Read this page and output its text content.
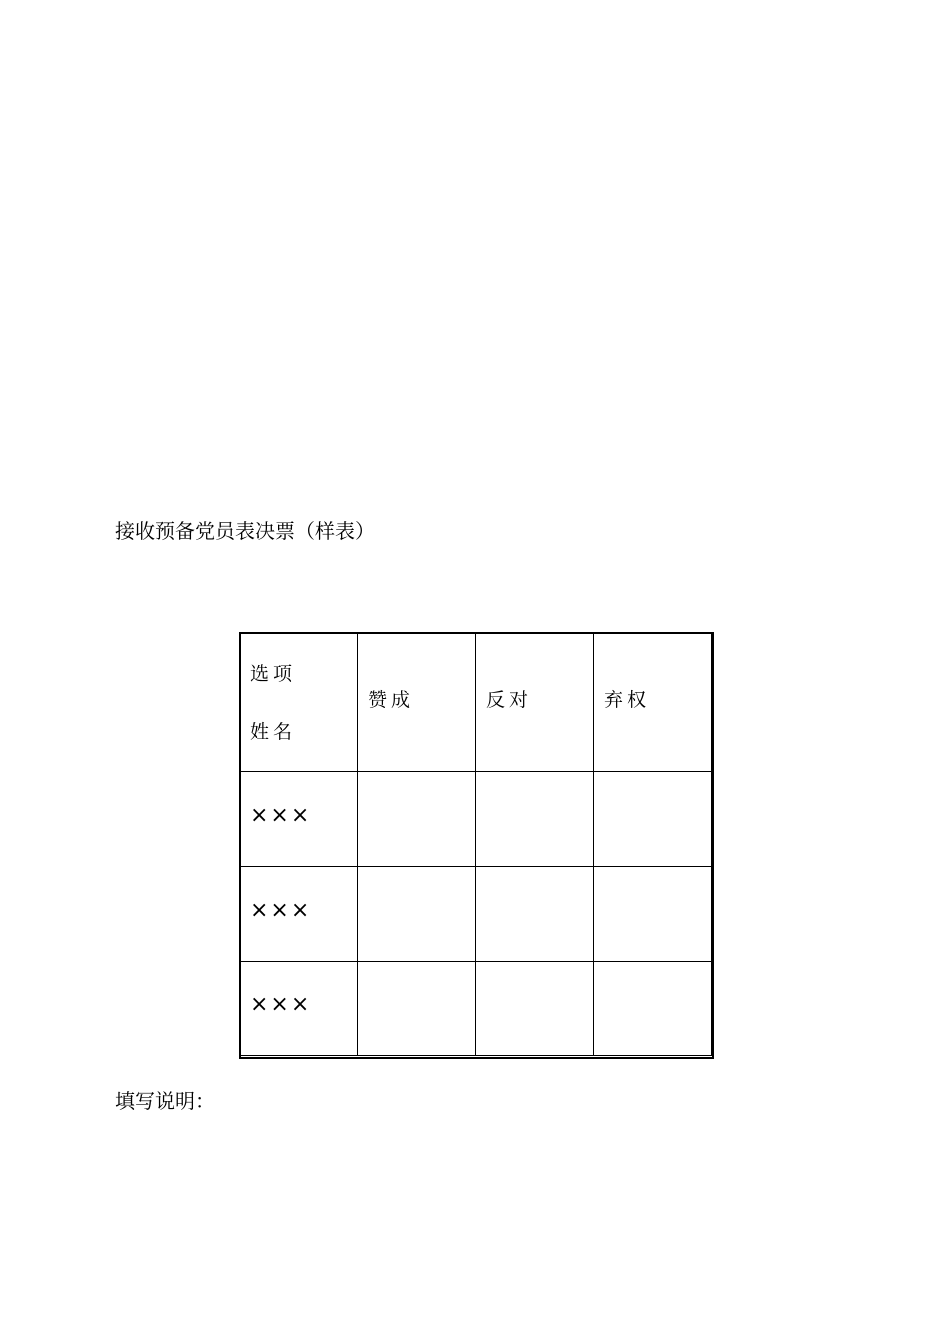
接收预备党员表决票（样表）
选项
姓名	赞成	反对	弃权

×××			

×××			

×××			

填写说明：
